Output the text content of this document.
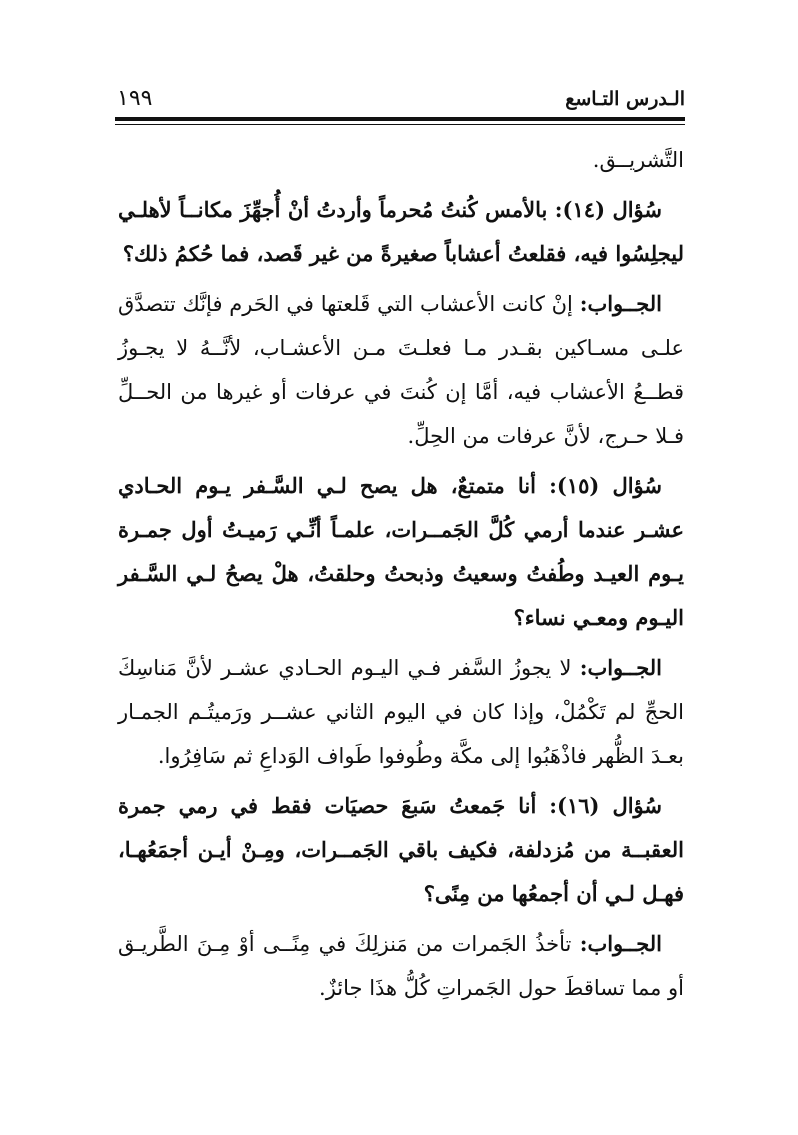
الـدرس التـاسع
١٩٩

التَّشريــق.

سُؤال (١٤): بالأمس كُنتُ مُحرماً وأردتُ أنْ أُجهِّزَ مكانــاً لأهلـي ليجلِسُوا فيه، فقلعتُ أعشاباً صغيرةً من غير قَصد، فما حُكمُ ذلك؟

الجــواب: إنْ كانت الأعشاب التي قَلعتها في الحَرم فإنَّك تتصدَّق علـى مسـاكين بقـدر مـا فعلـتَ مـن الأعشـاب، لأنَّــهُ لا يجـوزُ قطــعُ الأعشاب فيه، أمَّا إن كُنتَ في عرفات أو غيرها من الحــلِّ فـلا حـرج، لأنَّ عرفات من الحِلِّ.

سُؤال (١٥): أنا متمتعٌ، هل يصح لـي السَّـفر يـوم الحـادي عشـر عندما أرمي كُلَّ الجَمــرات، علمـاً أنِّـي رَميـتُ أول جمـرة يـوم العيـد وطُفتُ وسعيتُ وذبحتُ وحلقتُ، هلْ يصحُ لـي السَّـفر اليـوم ومعـي نساء؟

الجــواب: لا يجوزُ السَّفر فـي اليـوم الحـادي عشـر لأنَّ مَناسِكَ الحجِّ لم تَكْمُلْ، وإذا كان في اليوم الثاني عشــر ورَميتُـم الجمـار بعـدَ الظُّهر فاذْهَبُوا إلى مكَّة وطُوفوا طَواف الوَداعِ ثم سَافِرُوا.

سُؤال (١٦): أنا جَمعتُ سَبعَ حصيَات فقط في رمي جمرة العقبــة من مُزدلفة، فكيف باقي الجَمــرات، ومِـنْ أيـن أجمَعُهـا، فهـل لـي أن أجمعُها من مِنًى؟

الجــواب: تأخذُ الجَمرات من مَنزلِكَ في مِنًــى أوْ مِـنَ الطَّريـق أو مما تساقطَ حول الجَمراتِ كُلُّ هذَا جائزٌ.
